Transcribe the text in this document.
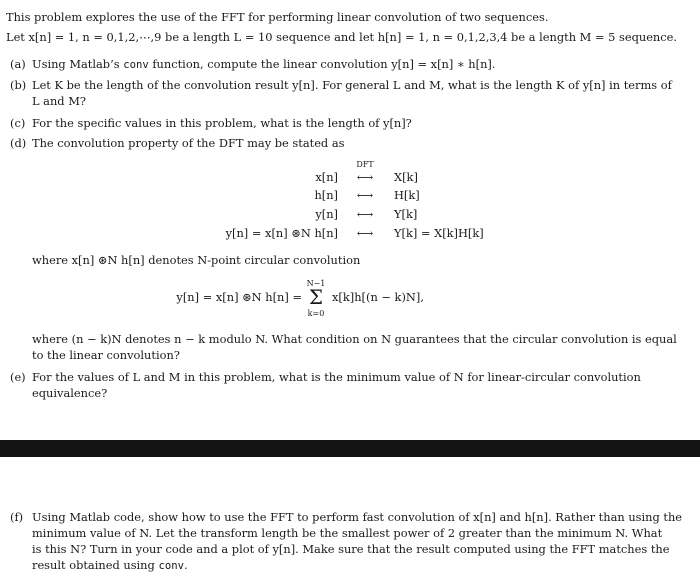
This problem explores the use of the FFT for performing linear convolution of two sequences.
Let x[n] = 1, n = 0,1,2,⋯,9 be a length L = 10 sequence and let h[n] = 1, n = 0,1,2,3,4 be a length M = 5 sequence.
(a) Using Matlab’s conv function, compute the linear convolution y[n] = x[n] ∗ h[n].
(b) Let K be the length of the convolution result y[n]. For general L and M, what is the length K of y[n] in terms of
L and M?
(c) For the specific values in this problem, what is the length of y[n]?
(d) The convolution property of the DFT may be stated as
DFT
x[n]	⟷	X[k]
h[n]	⟷	H[k]
y[n]	⟷	Y[k]
y[n] = x[n] ⊛N h[n]	⟷	Y[k] = X[k]H[k]
where x[n] ⊛N h[n] denotes N-point circular convolution
y[n] = x[n] ⊛N h[n] =
N−1
Σ
k=0
x[k]h[(n − k)N],
where (n − k)N denotes n − k modulo N. What condition on N guarantees that the circular convolution is equal
to the linear convolution?
(e) For the values of L and M in this problem, what is the minimum value of N for linear-circular convolution
equivalence?
(f) Using Matlab code, show how to use the FFT to perform fast convolution of x[n] and h[n]. Rather than using the
minimum value of N. Let the transform length be the smallest power of 2 greater than the minimum N. What
is this N? Turn in your code and a plot of y[n]. Make sure that the result computed using the FFT matches the
result obtained using conv.
